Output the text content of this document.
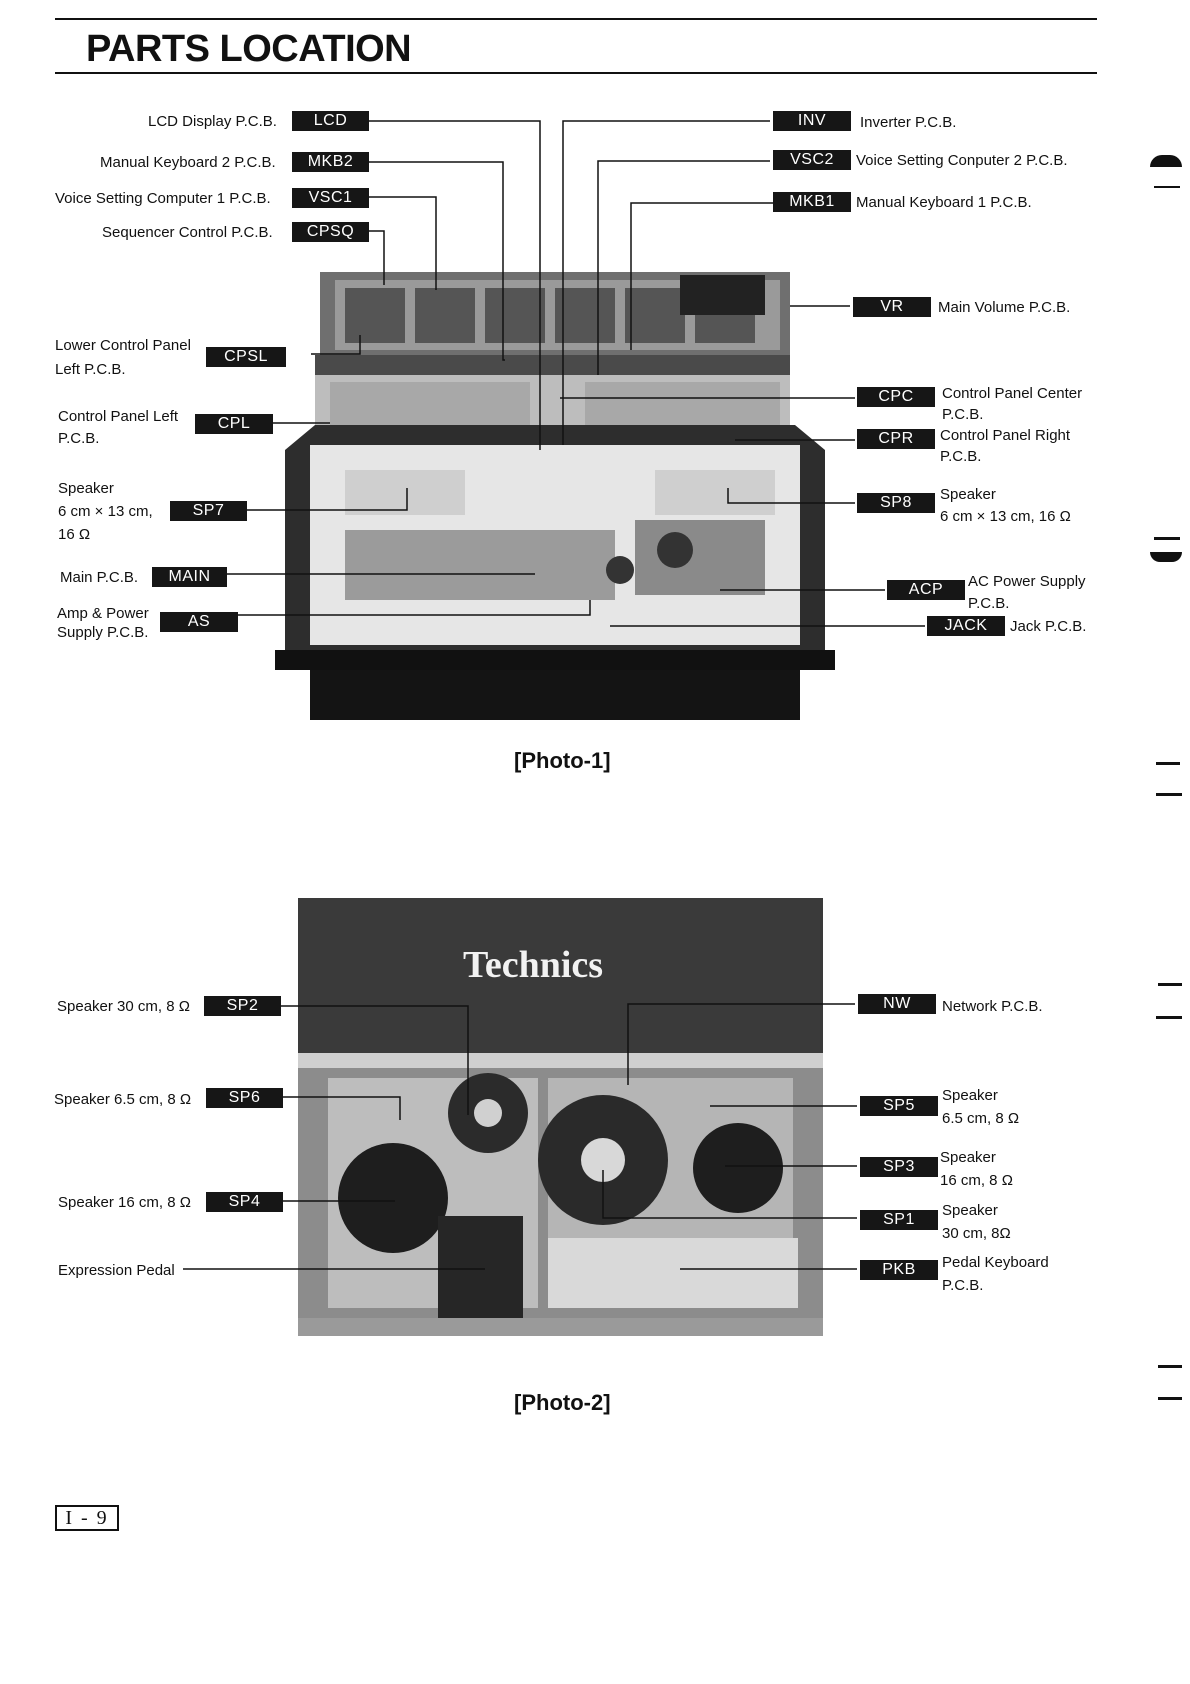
PARTS LOCATION
Technics
LCD Display P.C.B.	LCD
Manual Keyboard 2 P.C.B.	MKB2
Voice Setting Computer 1 P.C.B.	VSC1
Sequencer Control P.C.B.	CPSQ
Lower Control Panel
Left P.C.B.
CPSL
Control Panel Left
P.C.B.
CPL
Speaker
6 cm × 13 cm,
16 Ω
SP7
Main P.C.B.	MAIN
Amp & Power
Supply P.C.B.
AS
INV	Inverter P.C.B.
VSC2	Voice Setting Conputer 2 P.C.B.
MKB1	Manual Keyboard 1 P.C.B.
VR	Main Volume P.C.B.
CPC	Control Panel Center
P.C.B.
CPR	Control Panel Right
P.C.B.
SP8	Speaker
6 cm × 13 cm, 16 Ω
ACP	AC Power Supply
P.C.B.
JACK	Jack P.C.B.
[Photo-1]
Speaker 30 cm, 8 Ω	SP2
Speaker 6.5 cm, 8 Ω	SP6
Speaker 16 cm, 8 Ω	SP4
Expression Pedal
NW	Network P.C.B.
SP5
Speaker
6.5 cm, 8 Ω
SP3
Speaker
16 cm, 8 Ω
SP1
Speaker
30 cm, 8Ω
PKB	Pedal Keyboard
P.C.B.
[Photo-2]
I - 9
